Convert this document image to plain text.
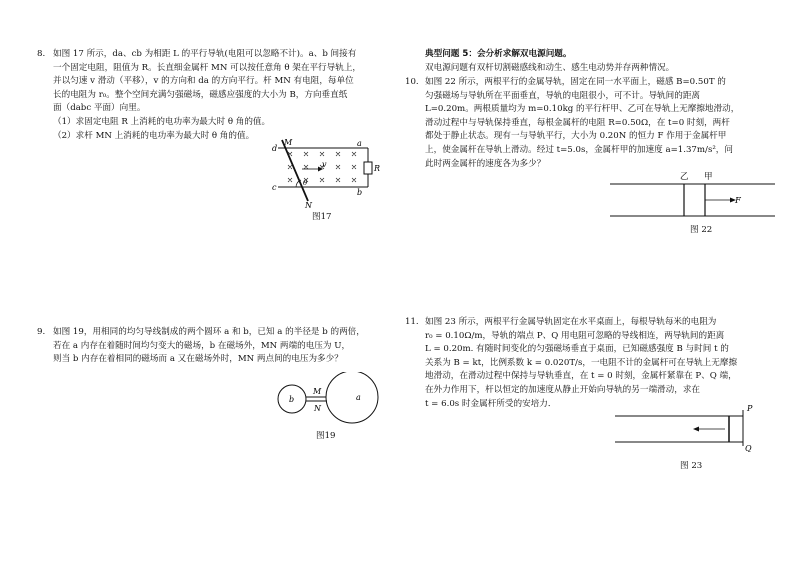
8. 如图 17 所示，da、cb 为相距 L 的平行导轨(电阻可以忽略不计)。a、b 间接有

一个固定电阻，阻值为 R。长直细金属杆 MN 可以按任意角 θ 架在平行导轨上，

并以匀速 v 滑动（平移），v 的方向和 da 的方向平行。杆 MN 有电阻，每单位

长的电阻为 r₀。整个空间充满匀强磁场，磁感应强度的大小为 B，方向垂直纸

面（dabc 平面）向里。

（1）求固定电阻 R 上消耗的电功率为最大时 θ 角的值。

（2）求杆 MN 上消耗的电功率为最大时 θ 角的值。

M
d
a
c
b
R
v
θ
N
图17
9. 如图 19，用相同的均匀导线制成的两个圆环 a 和 b，已知 a 的半径是 b 的两倍，

若在 a 内存在着随时间均匀变大的磁场，b 在磁场外，MN 两端的电压为 U，

则当 b 内存在着相同的磁场而 a 又在磁场外时，MN 两点间的电压为多少？

b	a
M
N
图19

典型问题 5：会分析求解双电源问题。

双电源问题有双杆切割磁感线和动生、感生电动势并存两种情况。

10. 如图 22 所示，两根平行的金属导轨，固定在同一水平面上，磁感 B=0.50T 的

匀强磁场与导轨所在平面垂直，导轨的电阻很小，可不计。导轨间的距离

L=0.20m。两根质量均为 m=0.10kg 的平行杆甲、乙可在导轨上无摩擦地滑动，

滑动过程中与导轨保持垂直，每根金属杆的电阻 R=0.50Ω，在 t=0 时刻，两杆

都处于静止状态。现有一与导轨平行，大小为 0.20N 的恒力 F 作用于金属杆甲

上，使金属杆在导轨上滑动。经过 t=5.0s，金属杆甲的加速度 a=1.37m/s²，问

此时两金属杆的速度各为多少？

乙 甲
F
图 22
11. 如图 23 所示，两根平行金属导轨固定在水平桌面上，每根导轨每米的电阻为

r₀ = 0.10Ω/m，导轨的端点 P、Q 用电阻可忽略的导线相连，两导轨间的距离

L = 0.20m. 有随时间变化的匀强磁场垂直于桌面，已知磁感强度 B 与时间 t 的

关系为 B = kt，比例系数 k = 0.020T/s，一电阻不计的金属杆可在导轨上无摩擦

地滑动，在滑动过程中保持与导轨垂直，在 t = 0 时刻，金属杆紧靠在 P、Q 端，

在外力作用下，杆以恒定的加速度从静止开始向导轨的另一端滑动，求在

t = 6.0s 时金属杆所受的安培力．	P
Q
图 23
